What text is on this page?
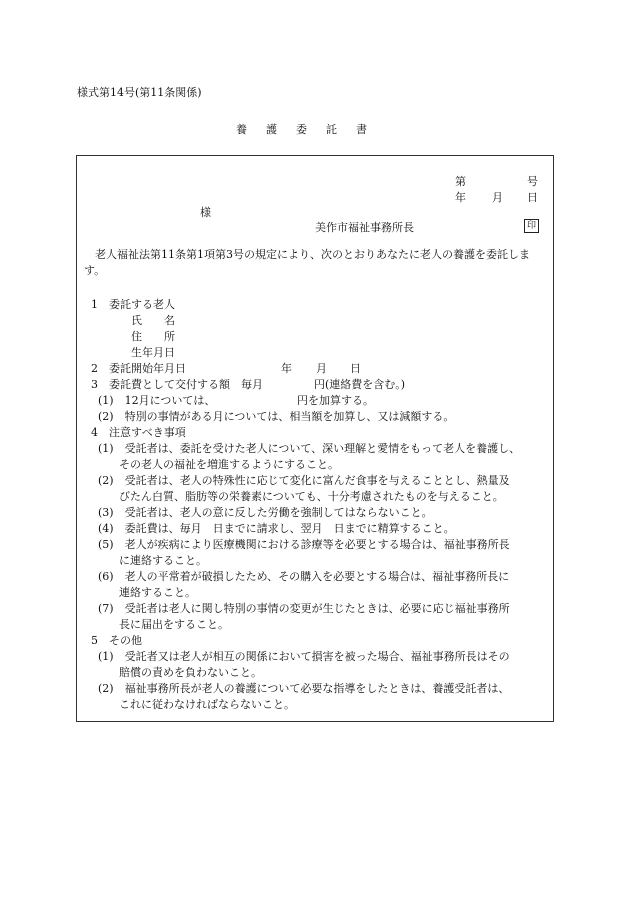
様式第14号(第11条関係)
養護委託書
第	号
年 月 日
様
美作市福祉事務所長	印
老人福祉法第11条第1項第3号の規定により、次のとおりあなたに老人の養護を委託します。
1　委託する老人
氏　　名
住　　所
生年月日
2　委託開始年月日	年 月 日
3　委託費として交付する額　毎月	円(連絡費を含む。)
(1)　12月については、	円を加算する。
(2)　特別の事情がある月については、相当額を加算し、又は減額する。
4　注意すべき事項
(1)　受託者は、委託を受けた老人について、深い理解と愛情をもって老人を養護し、
その老人の福祉を増進するようにすること。
(2)　受託者は、老人の特殊性に応じて変化に富んだ食事を与えることとし、熱量及
びたん白質、脂肪等の栄養素についても、十分考慮されたものを与えること。
(3)　受託者は、老人の意に反した労働を強制してはならないこと。
(4)　委託費は、毎月　日までに請求し、翌月　日までに精算すること。
(5)　老人が疾病により医療機関における診療等を必要とする場合は、福祉事務所長
に連絡すること。
(6)　老人の平常着が破損したため、その購入を必要とする場合は、福祉事務所長に
連絡すること。
(7)　受託者は老人に関し特別の事情の変更が生じたときは、必要に応じ福祉事務所
長に届出をすること。
5　その他
(1)　受託者又は老人が相互の関係において損害を被った場合、福祉事務所長はその
賠償の責めを負わないこと。
(2)　福祉事務所長が老人の養護について必要な指導をしたときは、養護受託者は、
これに従わなければならないこと。
